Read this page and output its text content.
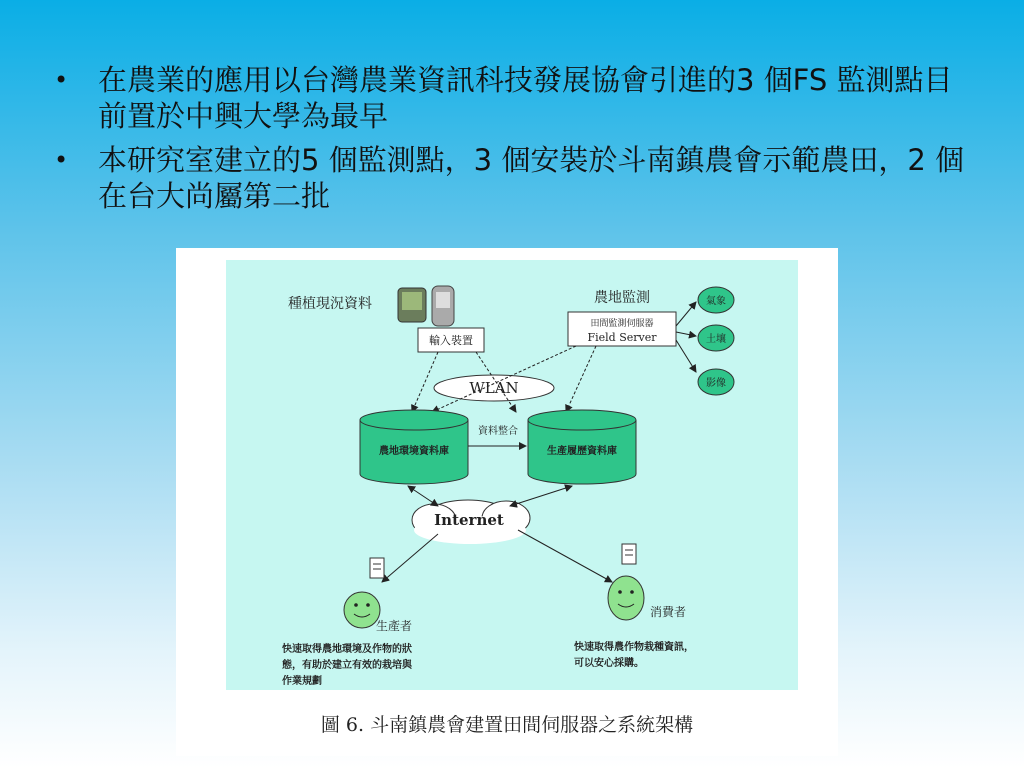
• 在農業的應用以台灣農業資訊科技發展協會引進的3 個FS 監測點目前置於中興大學為最早
• 本研究室建立的5 個監測點，3 個安裝於斗南鎮農會示範農田，2 個在台大尚屬第二批
種植現況資料
輸入裝置
農地監測
田間監測伺服器
Field Server
氣象
土壤
影像
WLAN
農地環境資料庫	生產履歷資料庫
資料整合
Internet
生產者
快速取得農地環境及作物的狀
態，有助於建立有效的栽培與
作業規劃
消費者
快速取得農作物栽種資訊，
可以安心採購。
圖 6. 斗南鎮農會建置田間伺服器之系統架構
